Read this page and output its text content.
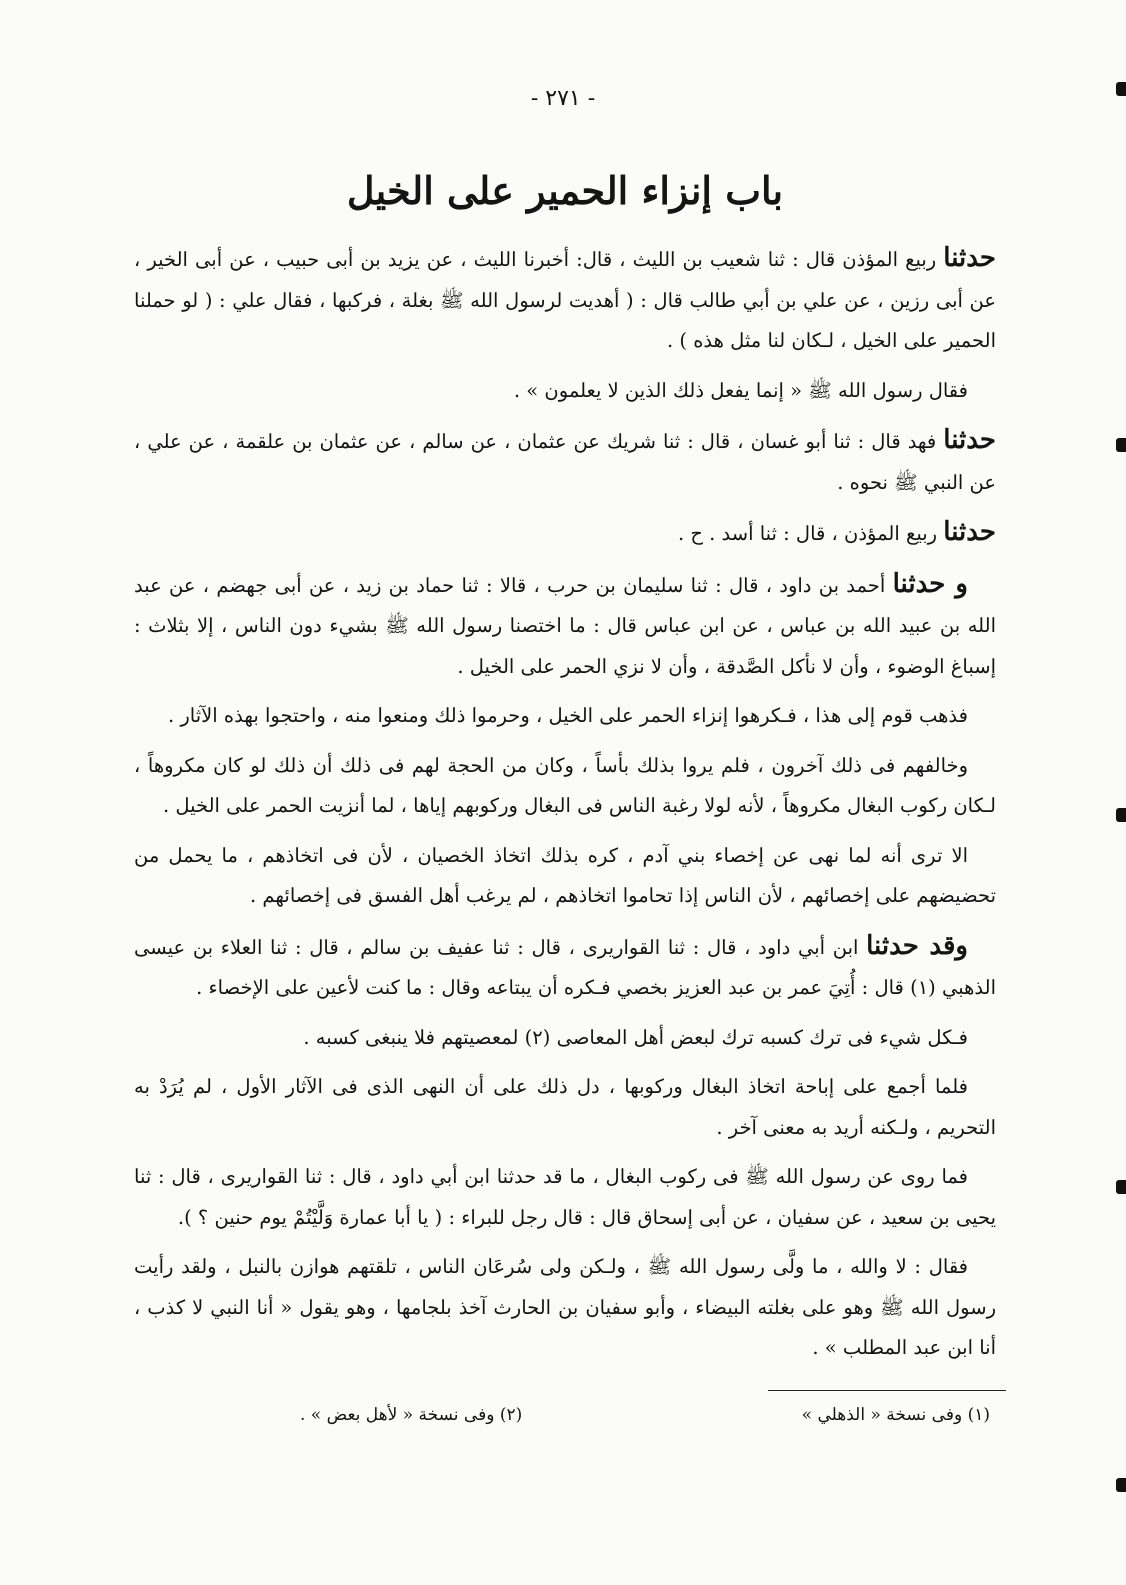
- ٢٧١ -
باب إنزاء الحمير على الخيل

حدثنا ربيع المؤذن قال : ثنا شعيب بن الليث ، قال: أخبرنا الليث ، عن يزيد بن أبى حبيب ، عن أبى الخير ، عن أبى رزين ، عن علي بن أبي طالب قال : ( أهديت لرسول الله ﷺ بغلة ، فركبها ، فقال علي : ( لو حملنا الحمير على الخيل ، لـكان لنا مثل هذه ) .

فقال رسول الله ﷺ « إنما يفعل ذلك الذين لا يعلمون » .

حدثنا فهد قال : ثنا أبو غسان ، قال : ثنا شريك عن عثمان ، عن سالم ، عن عثمان بن علقمة ، عن علي ، عن النبي ﷺ نحوه .

حدثنا ربيع المؤذن ، قال : ثنا أسد . ح .

و حدثنا أحمد بن داود ، قال : ثنا سليمان بن حرب ، قالا : ثنا حماد بن زيد ، عن أبى جهضم ، عن عبد الله بن عبيد الله بن عباس ، عن ابن عباس قال : ما اختصنا رسول الله ﷺ بشيء دون الناس ، إلا بثلاث : إسباغ الوضوء ، وأن لا نأكل الصَّدقة ، وأن لا نزي الحمر على الخيل .

فذهب قوم إلى هذا ، فـكرهوا إنزاء الحمر على الخيل ، وحرموا ذلك ومنعوا منه ، واحتجوا بهذه الآثار .

وخالفهم فى ذلك آخرون ، فلم يروا بذلك بأساً ، وكان من الحجة لهم فى ذلك أن ذلك لو كان مكروهاً ، لـكان ركوب البغال مكروهاً ، لأنه لولا رغبة الناس فى البغال وركوبهم إياها ، لما أنزيت الحمر على الخيل .

الا ترى أنه لما نهى عن إخصاء بني آدم ، كره بذلك اتخاذ الخصيان ، لأن فى اتخاذهم ، ما يحمل من تحضيضهم على إخصائهم ، لأن الناس إذا تحاموا اتخاذهم ، لم يرغب أهل الفسق فى إخصائهم .

وقد حدثنا ابن أبي داود ، قال : ثنا القواريرى ، قال : ثنا عفيف بن سالم ، قال : ثنا العلاء بن عيسى الذهبي (١) قال : أُتِيَ عمر بن عبد العزيز بخصي فـكره أن يبتاعه وقال : ما كنت لأعين على الإخصاء .

فـكل شيء فى ترك كسبه ترك لبعض أهل المعاصى (٢) لمعصيتهم فلا ينبغى كسبه .

فلما أجمع على إباحة اتخاذ البغال وركوبها ، دل ذلك على أن النهى الذى فى الآثار الأول ، لم يُرَدْ به التحريم ، ولـكنه أريد به معنى آخر .

فما روى عن رسول الله ﷺ فى ركوب البغال ، ما قد حدثنا ابن أبي داود ، قال : ثنا القواريرى ، قال : ثنا يحيى بن سعيد ، عن سفيان ، عن أبى إسحاق قال : قال رجل للبراء : ( يا أبا عمارة وَلَّيْتُمْ يوم حنين ؟ ).

فقال : لا والله ، ما ولَّى رسول الله ﷺ ، ولـكن ولى سُرعَان الناس ، تلقتهم هوازن بالنبل ، ولقد رأيت رسول الله ﷺ وهو على بغلته البيضاء ، وأبو سفيان بن الحارث آخذ بلجامها ، وهو يقول « أنا النبي لا كذب ، أنا ابن عبد المطلب » .

(١) وفى نسخة « الذهلي »
(٢) وفى نسخة « لأهل بعض » .
